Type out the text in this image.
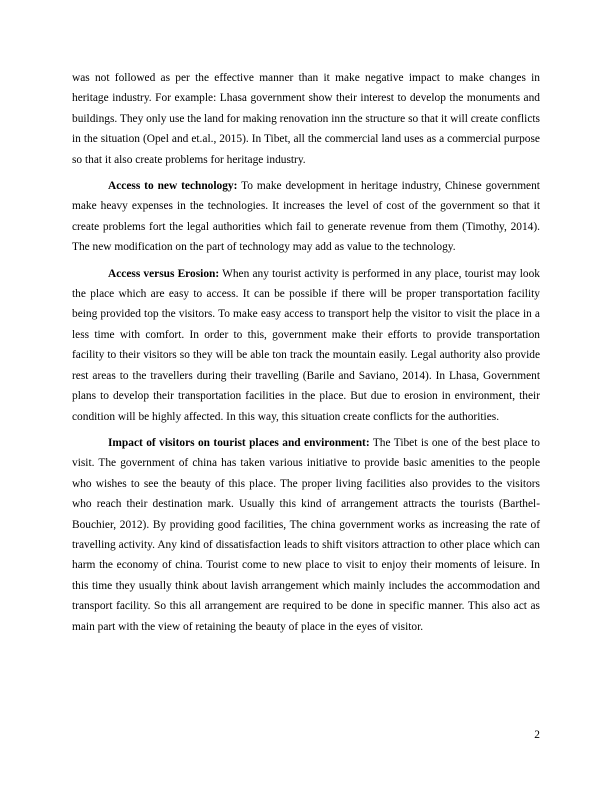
was not followed as per the effective manner than it make negative impact to make changes in heritage industry. For example: Lhasa government show their interest to develop the monuments and buildings. They only use the land for making renovation inn the structure so that it will create conflicts in the situation (Opel and et.al., 2015). In Tibet, all the commercial land uses as a commercial purpose so that it also create problems for heritage industry.

Access to new technology: To make development in heritage industry, Chinese government make heavy expenses in the technologies. It increases the level of cost of the government so that it create problems fort the legal authorities which fail to generate revenue from them (Timothy, 2014). The new modification on the part of technology may add as value to the technology.

Access versus Erosion: When any tourist activity is performed in any place, tourist may look the place which are easy to access. It can be possible if there will be proper transportation facility being provided top the visitors. To make easy access to transport help the visitor to visit the place in a less time with comfort. In order to this, government make their efforts to provide transportation facility to their visitors so they will be able ton track the mountain easily. Legal authority also provide rest areas to the travellers during their travelling (Barile and Saviano, 2014). In Lhasa, Government plans to develop their transportation facilities in the place. But due to erosion in environment, their condition will be highly affected. In this way, this situation create conflicts for the authorities.

Impact of visitors on tourist places and environment: The Tibet is one of the best place to visit. The government of china has taken various initiative to provide basic amenities to the people who wishes to see the beauty of this place. The proper living facilities also provides to the visitors who reach their destination mark. Usually this kind of arrangement attracts the tourists (Barthel-Bouchier, 2012). By providing good facilities, The china government works as increasing the rate of travelling activity. Any kind of dissatisfaction leads to shift visitors attraction to other place which can harm the economy of china. Tourist come to new place to visit to enjoy their moments of leisure. In this time they usually think about lavish arrangement which mainly includes the accommodation and transport facility. So this all arrangement are required to be done in specific manner. This also act as main part with the view of retaining the beauty of place in the eyes of visitor.

2
